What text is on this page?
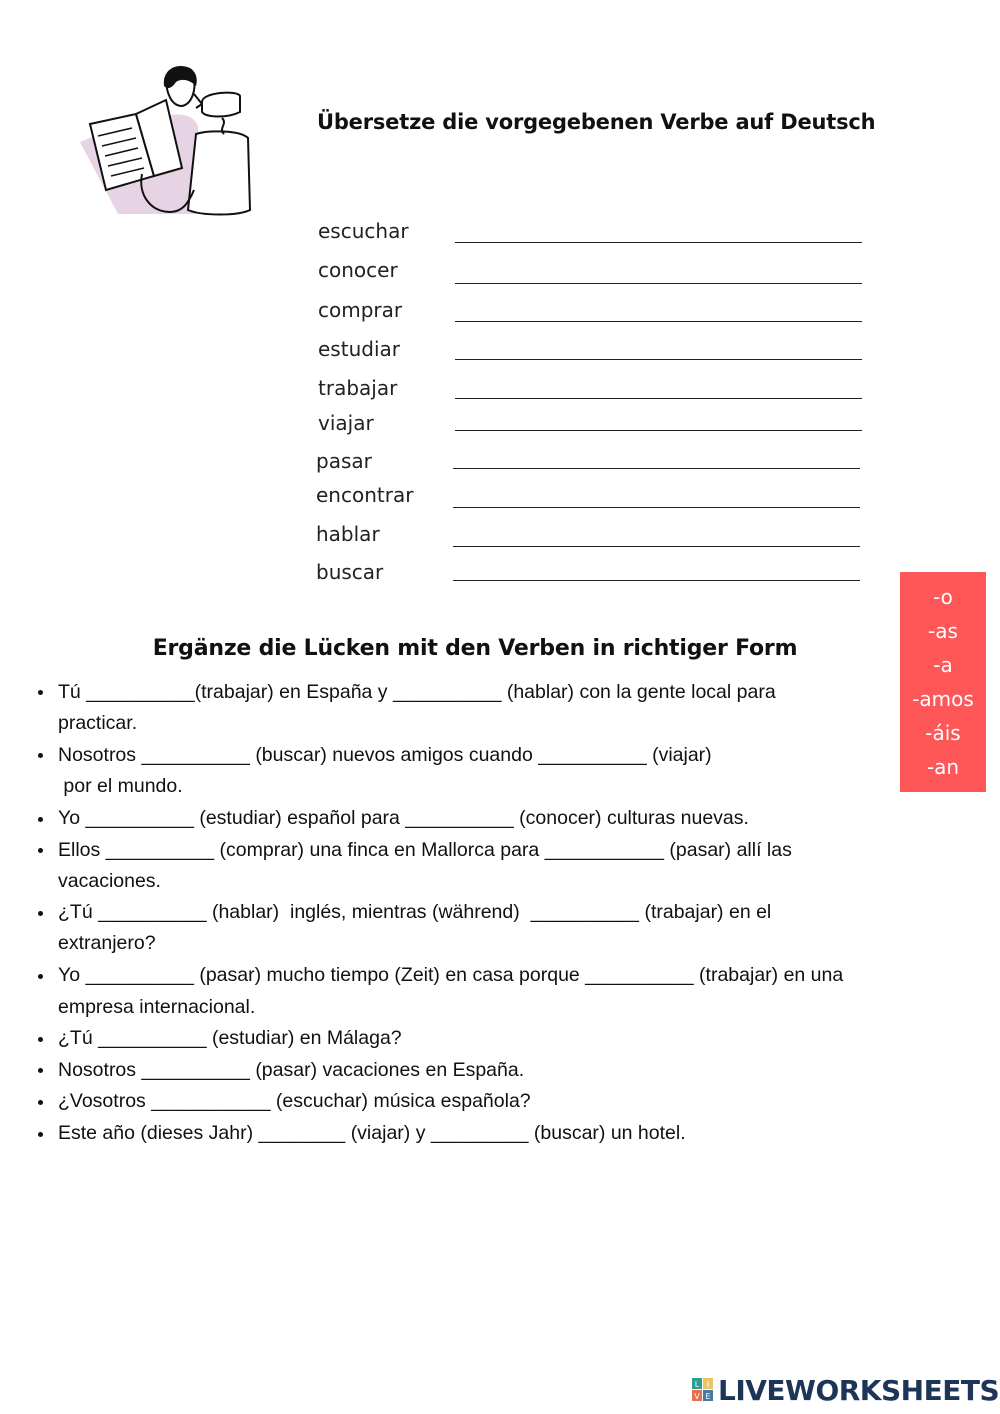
Übersetze die vorgegebenen Verbe auf Deutsch
escuchar
conocer
comprar
estudiar
trabajar
viajar
pasar
encontrar
hablar
buscar
-o
-as
-a
-amos
-áis
-an
Ergänze die Lücken mit den Verben in richtiger Form
Tú __________(trabajar) en España y __________ (hablar) con la gente local para
practicar.
Nosotros __________ (buscar) nuevos amigos cuando __________ (viajar)
por el mundo.
Yo __________ (estudiar) español para __________ (conocer) culturas nuevas.
Ellos __________ (comprar) una finca en Mallorca para ___________ (pasar) allí las
vacaciones.
¿Tú __________ (hablar)  inglés, mientras (während)  __________ (trabajar) en el
extranjero?
Yo __________ (pasar) mucho tiempo (Zeit) en casa porque __________ (trabajar) en una
empresa internacional.
¿Tú __________ (estudiar) en Málaga?
Nosotros __________ (pasar) vacaciones en España.
¿Vosotros ___________ (escuchar) música española?
Este año (dieses Jahr) ________ (viajar) y _________ (buscar) un hotel.
L I
V E LIVEWORKSHEETS
